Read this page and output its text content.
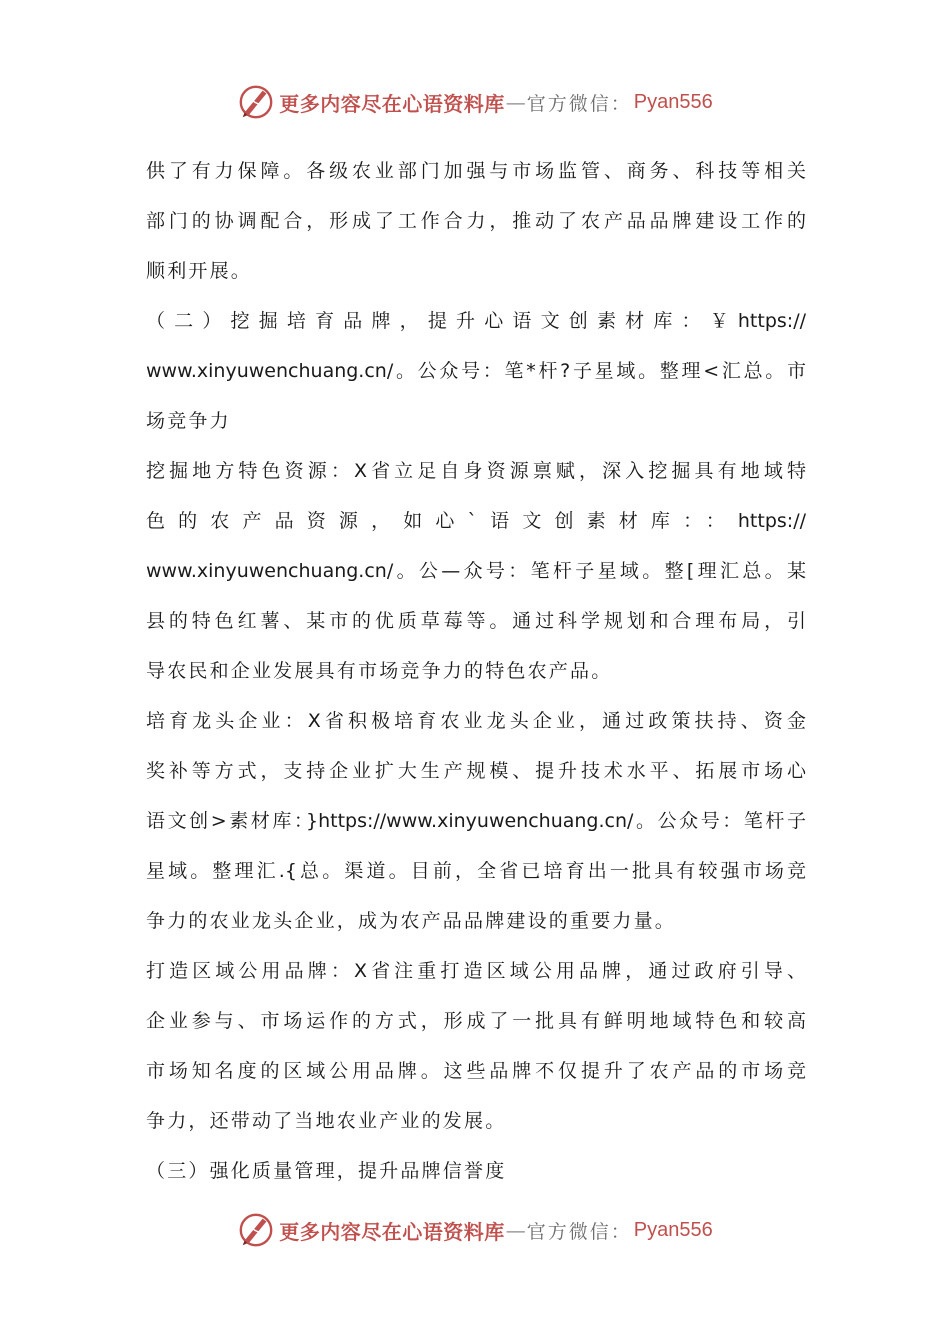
更多内容尽在心语资料库 — 官方微信： Pyan556
供了有力保障。各级农业部门加强与市场监管、商务、科技等相关
部门的协调配合，形成了工作合力，推动了农产品品牌建设工作的
顺利开展。
（二）挖掘培育品牌，提升心语文创素材库：￥https://
www.xinyuwenchuang.cn/。公众号：笔*杆?子星域。整理<汇总。市
场竞争力
挖掘地方特色资源：X省立足自身资源禀赋，深入挖掘具有地域特
色的农产品资源，如心`语文创素材库：：https://
www.xinyuwenchuang.cn/。公—众号：笔杆子星域。整[理汇总。某
县的特色红薯、某市的优质草莓等。通过科学规划和合理布局，引
导农民和企业发展具有市场竞争力的特色农产品。
培育龙头企业：X省积极培育农业龙头企业，通过政策扶持、资金
奖补等方式，支持企业扩大生产规模、提升技术水平、拓展市场心
语文创>素材库：}https://www.xinyuwenchuang.cn/。公众号：笔杆子
星域。整理汇.{总。渠道。目前，全省已培育出一批具有较强市场竞
争力的农业龙头企业，成为农产品品牌建设的重要力量。
打造区域公用品牌：X省注重打造区域公用品牌，通过政府引导、
企业参与、市场运作的方式，形成了一批具有鲜明地域特色和较高
市场知名度的区域公用品牌。这些品牌不仅提升了农产品的市场竞
争力，还带动了当地农业产业的发展。
（三）强化质量管理，提升品牌信誉度
更多内容尽在心语资料库 — 官方微信： Pyan556
